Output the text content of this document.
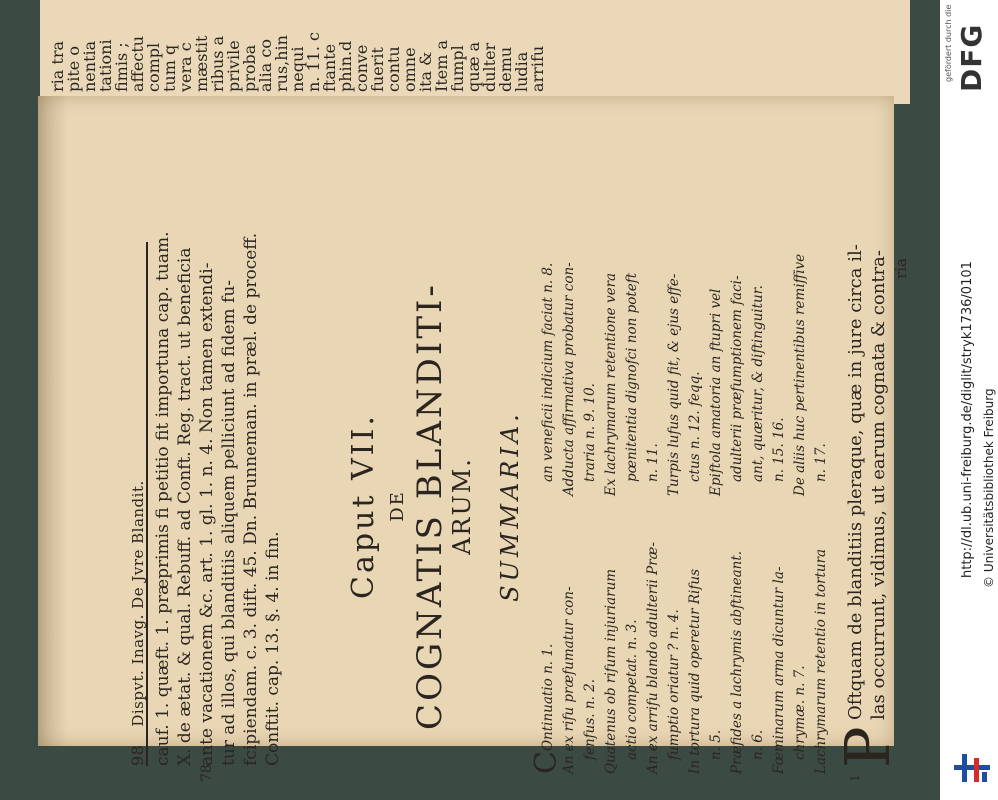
ria tra
pite o
nentia
tationi
fimis ;
affectu
compl
tum q
vera c
mæstit
ribus a
privile
proba
alia co
rus,hin
nequi
n. 11. c
ftante
phin.d
conve
fuerit
contu
omne
ita &
Item a
fumpl
quæ a
dulter
demu
ludia
arrifu
98
Dispvt. Inavg. De Jvre Blandit. cauf. 1. quæft. 1. præprimis fi petitio fit importuna cap. tuam. X. de ætat. & qual. Rebuff. ad Conft. Reg. tract. ut beneficia
78
ante vacationem &c. art. 1. gl. 1. n. 4. Non tamen extendi- tur ad illos, qui blanditiis aliquem pelliciunt ad fidem fu- fcipiendam. c. 3. dift. 45. Dn. Brunneman. in præl. de proceff. Conftit. cap. 13. §. 4. in fin.
Caput VII. DE COGNATIS BLANDITI-
ARUM. SUMMARIA.
COntinuatio n. 1. An ex rifu præfumatur con- fenfus. n. 2. Quatenus ob rifum injuriarum actio competat. n. 3. An ex arrifu blando adulterii Præ- fumptio oriatur ? n. 4. In tortura quid operetur Rifus n. 5. Præfides a lachrymis abftineant. n. 6. Fœminarum arma dicuntur la- chrymæ. n. 7. Lachrymarum retentio in tortura
an veneficii indicium faciat n. 8. Adducta affirmativa probatur con- traria n. 9. 10. Ex lachrymarum retentione vera pœnitentia dignofci non poteft n. 11. Turpis lufus quid fit, & ejus effe- ctus n. 12. feqq. Epiftola amatoria an ftupri vel adulterii præfumptionem faci- ant, quæritur, & diftinguitur. n. 15. 16. De aliis huc pertinentibus remiffive n. 17.
1
P
Oftquam de blanditiis pleraque, quæ in jure circa il- las occurrunt, vidimus, ut earum cognata & contra- ria	http://dl.ub.uni-freiburg.de/diglit/stryk1736/0101 © Universitätsbibliothek Freiburg
gefördert durch die DFG
